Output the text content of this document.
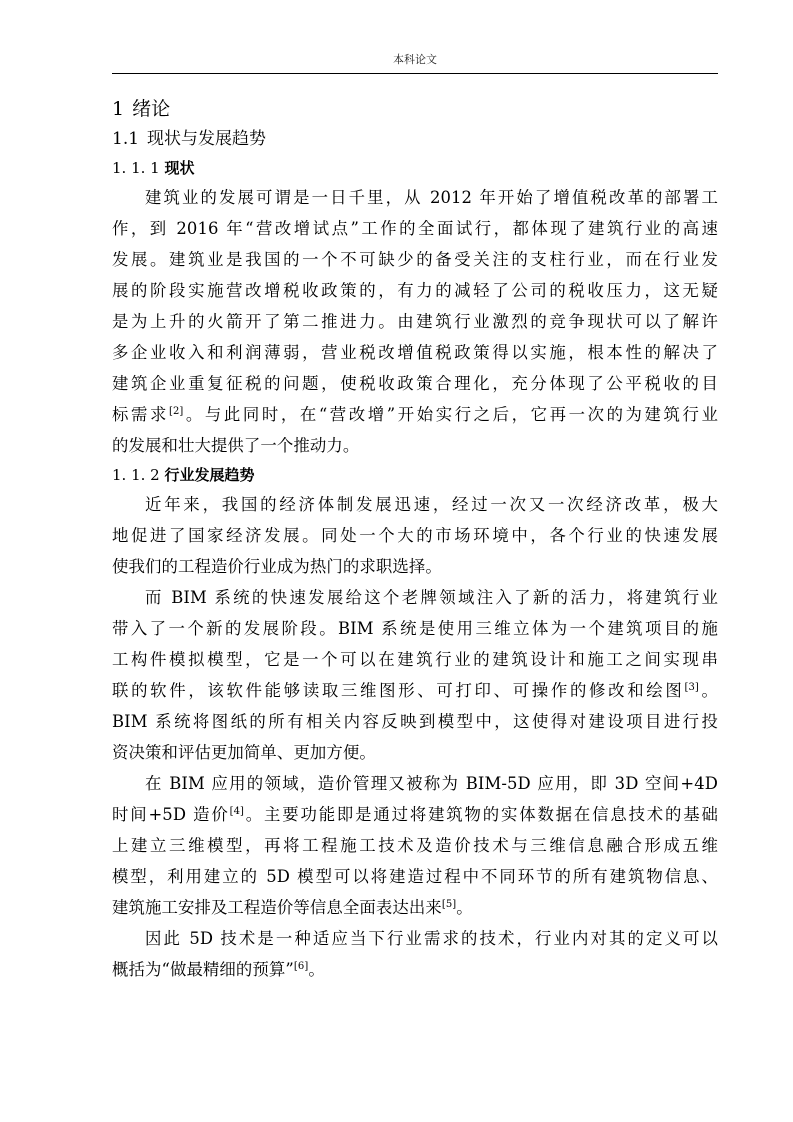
本科论文
1 绪论
1.1 现状与发展趋势
1. 1. 1 现状
建筑业的发展可谓是一日千里，从 2012 年开始了增值税改革的部署工
作，到 2016 年“营改增试点”工作的全面试行，都体现了建筑行业的高速
发展。建筑业是我国的一个不可缺少的备受关注的支柱行业，而在行业发
展的阶段实施营改增税收政策的，有力的减轻了公司的税收压力，这无疑
是为上升的火箭开了第二推进力。由建筑行业激烈的竞争现状可以了解许
多企业收入和利润薄弱，营业税改增值税政策得以实施，根本性的解决了
建筑企业重复征税的问题，使税收政策合理化，充分体现了公平税收的目
标需求[2]。与此同时，在“营改增”开始实行之后，它再一次的为建筑行业
的发展和壮大提供了一个推动力。
1. 1. 2 行业发展趋势
近年来，我国的经济体制发展迅速，经过一次又一次经济改革，极大
地促进了国家经济发展。同处一个大的市场环境中，各个行业的快速发展
使我们的工程造价行业成为热门的求职选择。
而 BIM 系统的快速发展给这个老牌领域注入了新的活力，将建筑行业
带入了一个新的发展阶段。BIM 系统是使用三维立体为一个建筑项目的施
工构件模拟模型，它是一个可以在建筑行业的建筑设计和施工之间实现串
联的软件，该软件能够读取三维图形、可打印、可操作的修改和绘图[3]。
BIM 系统将图纸的所有相关内容反映到模型中，这使得对建设项目进行投
资决策和评估更加简单、更加方便。
在 BIM 应用的领域，造价管理又被称为 BIM-5D 应用，即 3D 空间+4D
时间+5D 造价[4]。主要功能即是通过将建筑物的实体数据在信息技术的基础
上建立三维模型，再将工程施工技术及造价技术与三维信息融合形成五维
模型，利用建立的 5D 模型可以将建造过程中不同环节的所有建筑物信息、
建筑施工安排及工程造价等信息全面表达出来[5]。
因此 5D 技术是一种适应当下行业需求的技术，行业内对其的定义可以
概括为“做最精细的预算”[6]。
